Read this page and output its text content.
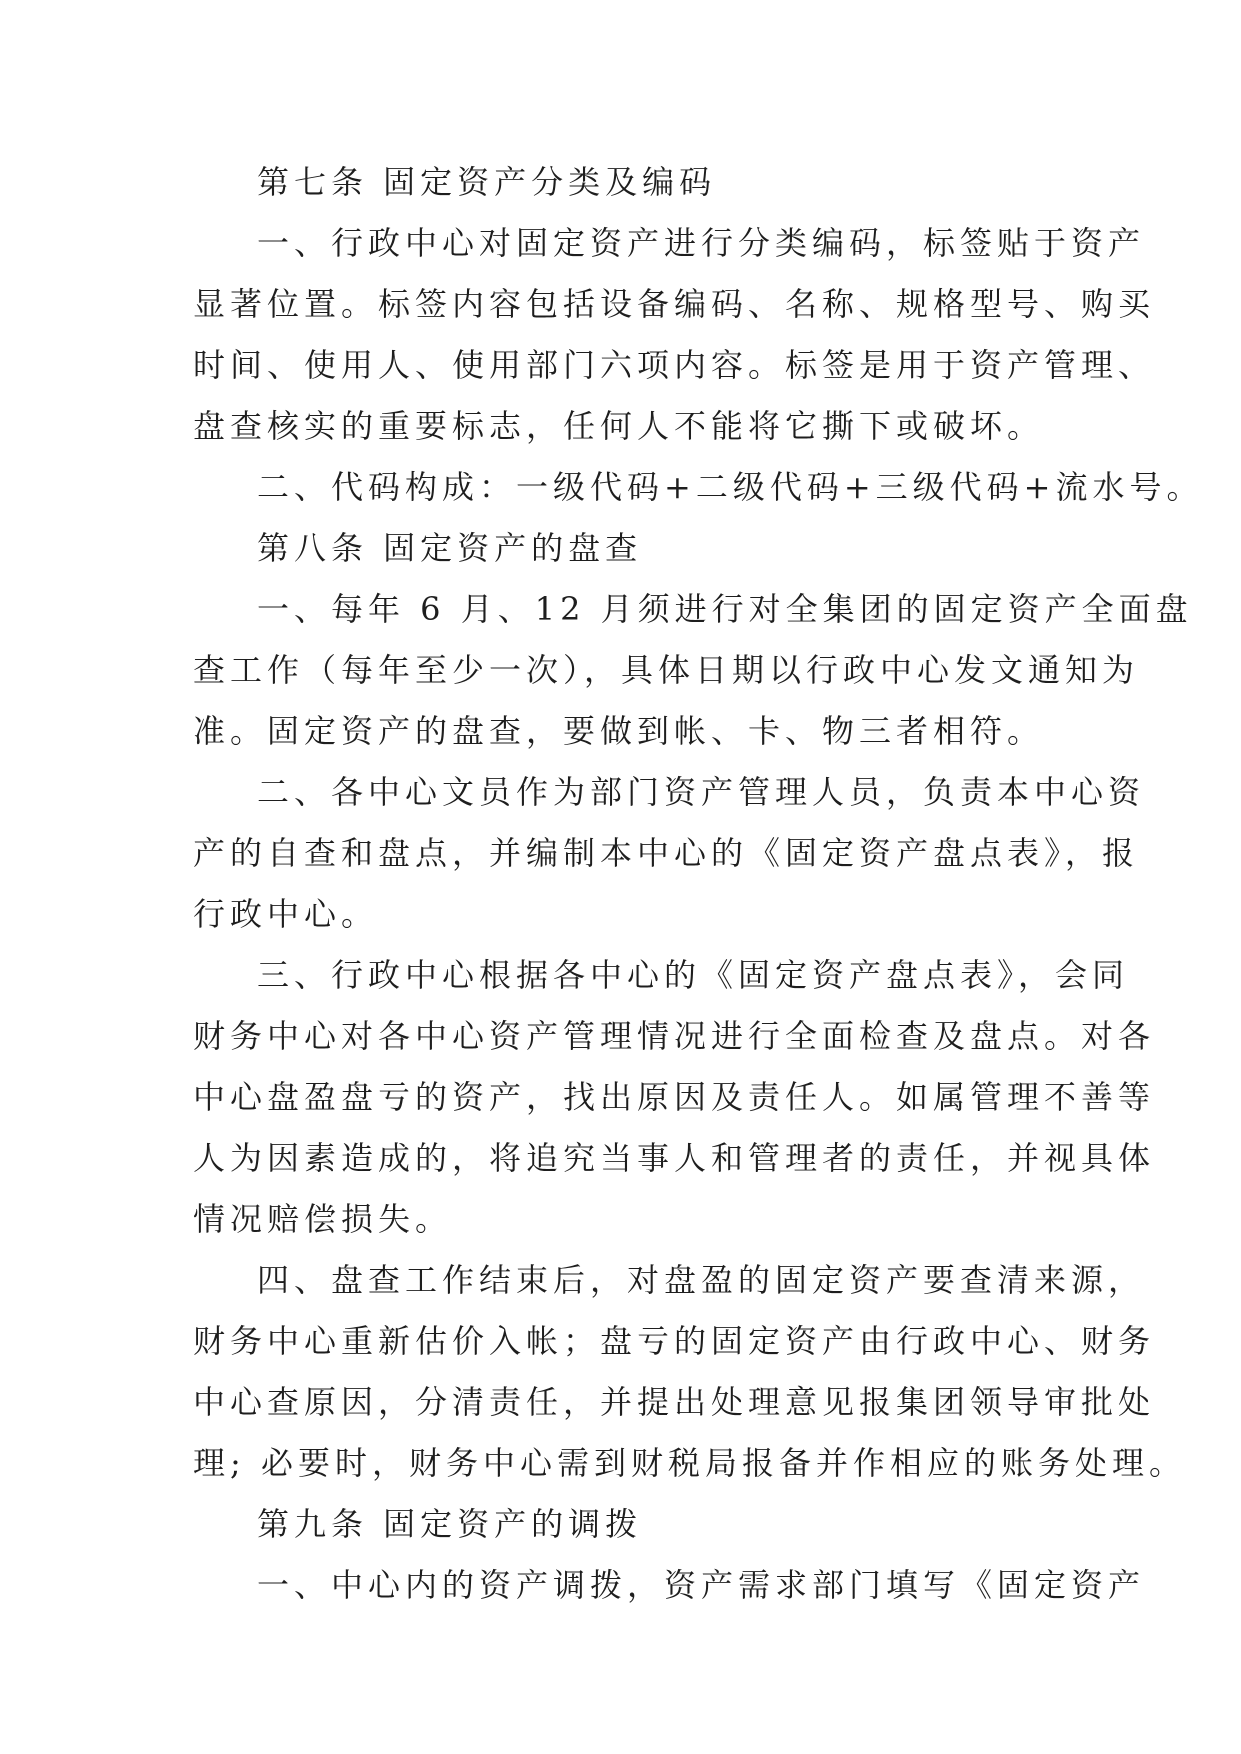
第七条 固定资产分类及编码
一、行政中心对固定资产进行分类编码，标签贴于资产
显著位置。标签内容包括设备编码、名称、规格型号、购买
时间、使用人、使用部门六项内容。标签是用于资产管理、
盘查核实的重要标志，任何人不能将它撕下或破坏。
二、代码构成：一级代码+二级代码+三级代码+流水号。
第八条 固定资产的盘查
一、每年 6 月、12 月须进行对全集团的固定资产全面盘
查工作（每年至少一次），具体日期以行政中心发文通知为
准。固定资产的盘查，要做到帐、卡、物三者相符。
二、各中心文员作为部门资产管理人员，负责本中心资
产的自查和盘点，并编制本中心的《固定资产盘点表》，报
行政中心。
三、行政中心根据各中心的《固定资产盘点表》，会同
财务中心对各中心资产管理情况进行全面检查及盘点。对各
中心盘盈盘亏的资产，找出原因及责任人。如属管理不善等
人为因素造成的，将追究当事人和管理者的责任，并视具体
情况赔偿损失。
四、盘查工作结束后，对盘盈的固定资产要查清来源，
财务中心重新估价入帐；盘亏的固定资产由行政中心、财务
中心查原因，分清责任，并提出处理意见报集团领导审批处
理; 必要时，财务中心需到财税局报备并作相应的账务处理。
第九条 固定资产的调拨
一、中心内的资产调拨，资产需求部门填写《固定资产
